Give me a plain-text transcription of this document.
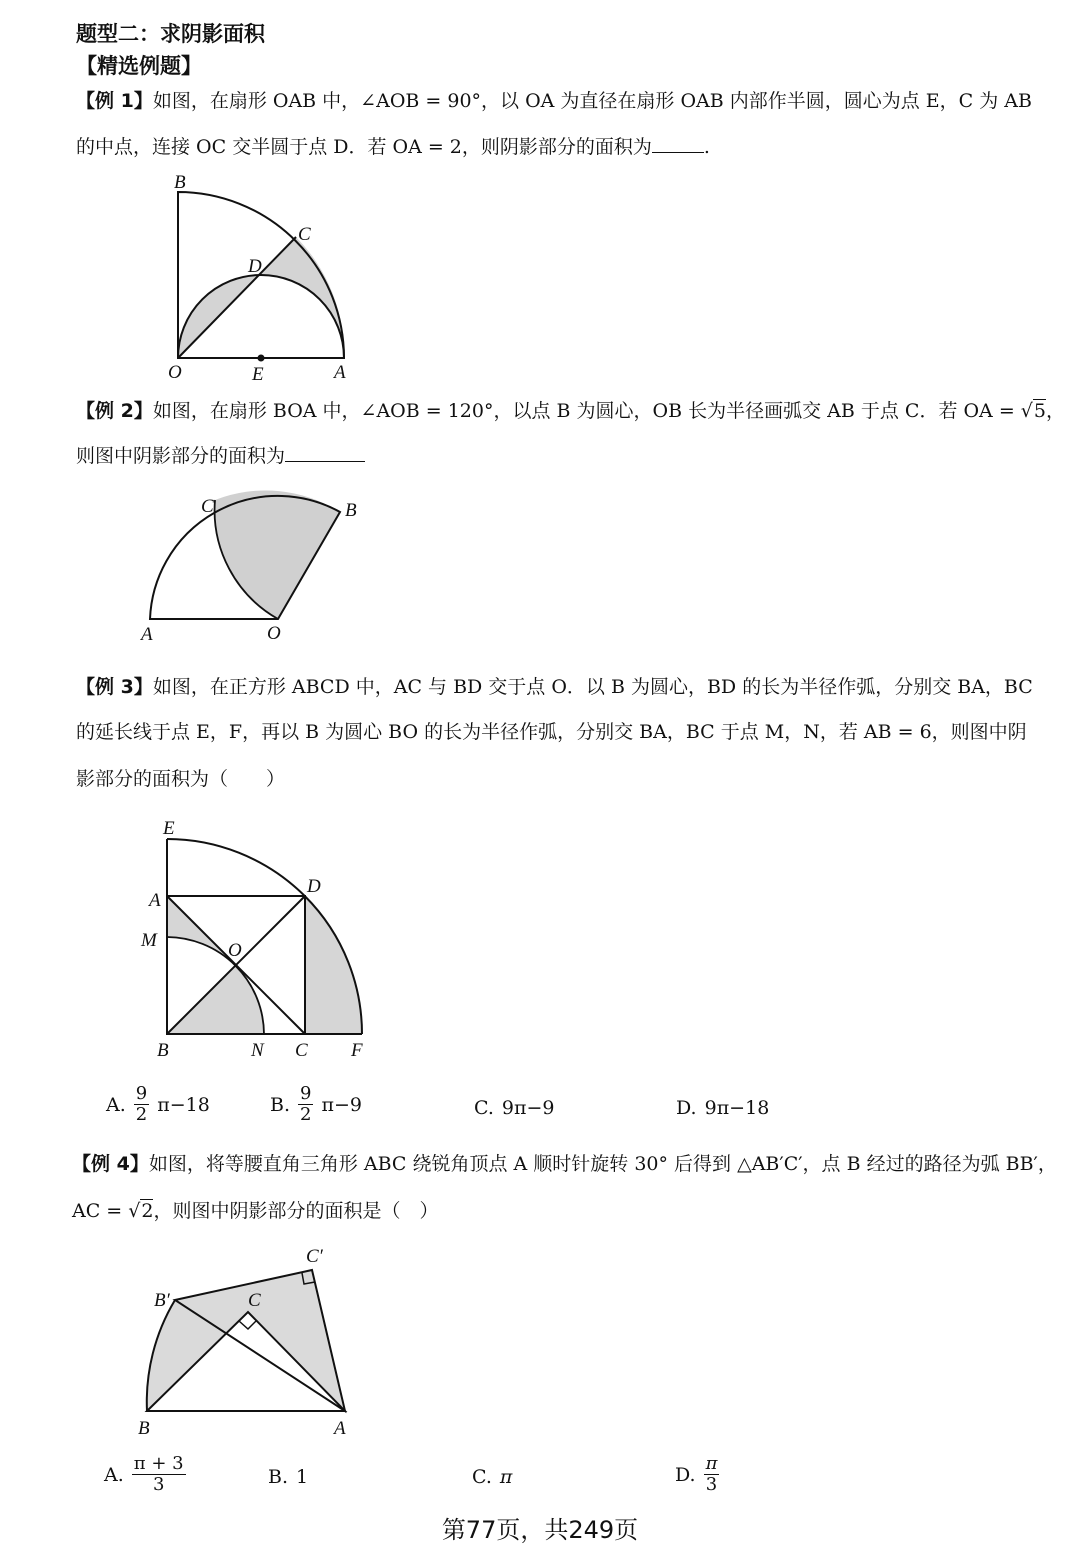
题型二：求阴影面积
【精选例题】
【例 1】如图，在扇形 OAB 中，∠AOB = 90°，以 OA 为直径在扇形 OAB 内部作半圆，圆心为点 E，C 为 AB
的中点，连接 OC 交半圆于点 D．若 OA = 2，则阴影部分的面积为	.
B
C
D
O	E	A
【例 2】如图，在扇形 BOA 中，∠AOB = 120°，以点 B 为圆心，OB 长为半径画弧交 AB 于点 C．若 OA = √5，
则图中阴影部分的面积为
C	B
A	O
【例 3】如图，在正方形 ABCD 中，AC 与 BD 交于点 O．以 B 为圆心，BD 的长为半径作弧，分别交 BA，BC
的延长线于点 E，F，再以 B 为圆心 BO 的长为半径作弧，分别交 BA，BC 于点 M，N，若 AB = 6，则图中阴
影部分的面积为（　　）
E
A
D
M	O
B	N C F
A. $\frac{9}{2} \pi-18$	B. $\frac{9}{2} \pi-9$	C. 9π−9	D. 9π−18
【例 4】如图，将等腰直角三角形 ABC 绕锐角顶点 A 顺时针旋转 30° 后得到 △AB′C′，点 B 经过的路径为弧 BB′，
AC = √2，则图中阴影部分的面积是（　）
C′
B′	C
B	A
A. $\frac{\pi + 3}{3}$	B. 1	C. π	D. $\frac{\pi}{3}$
第77页，共249页
